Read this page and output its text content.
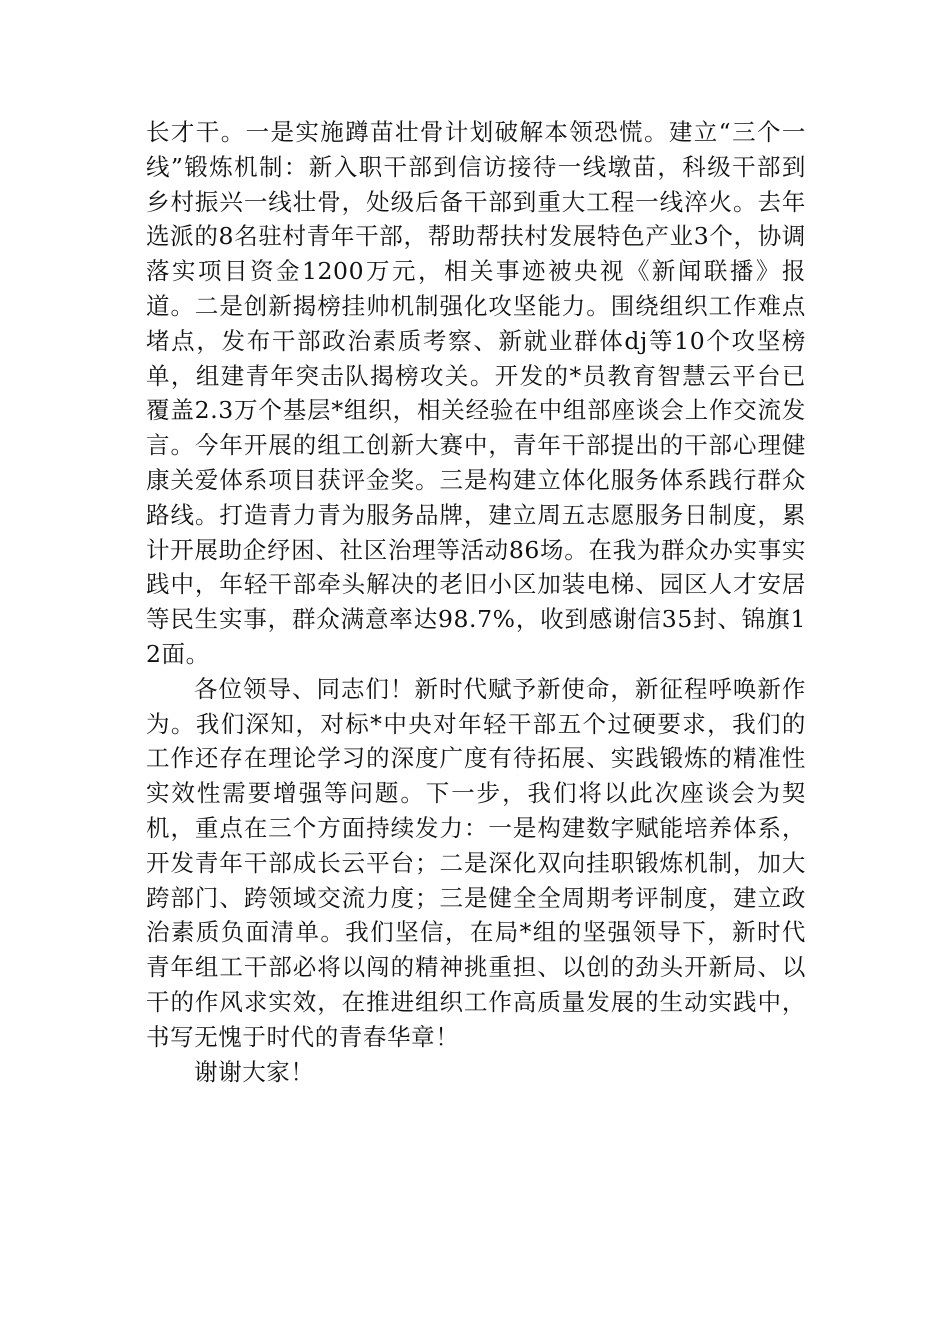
长才干。一是实施蹲苗壮骨计划破解本领恐慌。建立“三个一线”锻炼机制：新入职干部到信访接待一线墩苗，科级干部到乡村振兴一线壮骨，处级后备干部到重大工程一线淬火。去年选派的8名驻村青年干部，帮助帮扶村发展特色产业3个，协调落实项目资金1200万元，相关事迹被央视《新闻联播》报道。二是创新揭榜挂帅机制强化攻坚能力。围绕组织工作难点堵点，发布干部政治素质考察、新就业群体dj等10个攻坚榜单，组建青年突击队揭榜攻关。开发的*员教育智慧云平台已覆盖2.3万个基层*组织，相关经验在中组部座谈会上作交流发言。今年开展的组工创新大赛中，青年干部提出的干部心理健康关爱体系项目获评金奖。三是构建立体化服务体系践行群众路线。打造青力青为服务品牌，建立周五志愿服务日制度，累计开展助企纾困、社区治理等活动86场。在我为群众办实事实践中，年轻干部牵头解决的老旧小区加装电梯、园区人才安居等民生实事，群众满意率达98.7%，收到感谢信35封、锦旗12面。

各位领导、同志们！新时代赋予新使命，新征程呼唤新作为。我们深知，对标*中央对年轻干部五个过硬要求，我们的工作还存在理论学习的深度广度有待拓展、实践锻炼的精准性实效性需要增强等问题。下一步，我们将以此次座谈会为契机，重点在三个方面持续发力：一是构建数字赋能培养体系，开发青年干部成长云平台；二是深化双向挂职锻炼机制，加大跨部门、跨领域交流力度；三是健全全周期考评制度，建立政治素质负面清单。我们坚信，在局*组的坚强领导下，新时代青年组工干部必将以闯的精神挑重担、以创的劲头开新局、以干的作风求实效，在推进组织工作高质量发展的生动实践中，书写无愧于时代的青春华章！

谢谢大家！
